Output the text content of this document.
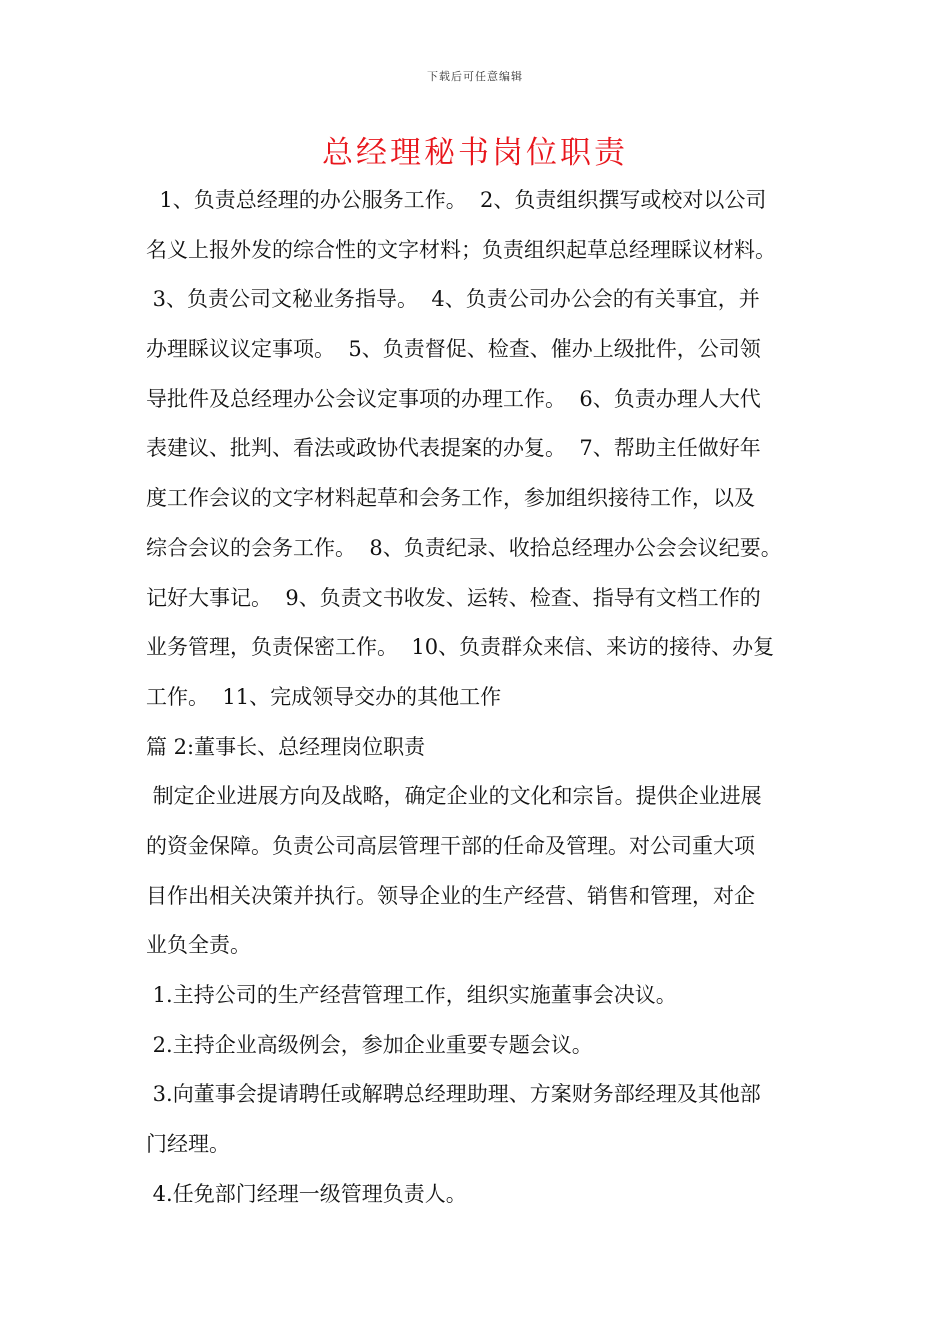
下载后可任意编辑
总经理秘书岗位职责
1、负责总经理的办公服务工作。  2、负责组织撰写或校对以公司
名义上报外发的综合性的文字材料；负责组织起草总经理睬议材料。
3、负责公司文秘业务指导。  4、负责公司办公会的有关事宜，并
办理睬议议定事项。  5、负责督促、检查、催办上级批件，公司领
导批件及总经理办公会议定事项的办理工作。  6、负责办理人大代
表建议、批判、看法或政协代表提案的办复。  7、帮助主任做好年
度工作会议的文字材料起草和会务工作，参加组织接待工作，以及
综合会议的会务工作。  8、负责纪录、收拾总经理办公会会议纪要。
记好大事记。  9、负责文书收发、运转、检查、指导有文档工作的
业务管理，负责保密工作。  10、负责群众来信、来访的接待、办复
工作。  11、完成领导交办的其他工作
篇 2:董事长、总经理岗位职责
制定企业进展方向及战略，确定企业的文化和宗旨。提供企业进展
的资金保障。负责公司高层管理干部的任命及管理。对公司重大项
目作出相关决策并执行。领导企业的生产经营、销售和管理，对企
业负全责。
1.主持公司的生产经营管理工作，组织实施董事会决议。
2.主持企业高级例会，参加企业重要专题会议。
3.向董事会提请聘任或解聘总经理助理、方案财务部经理及其他部
门经理。
4.任免部门经理一级管理负责人。
